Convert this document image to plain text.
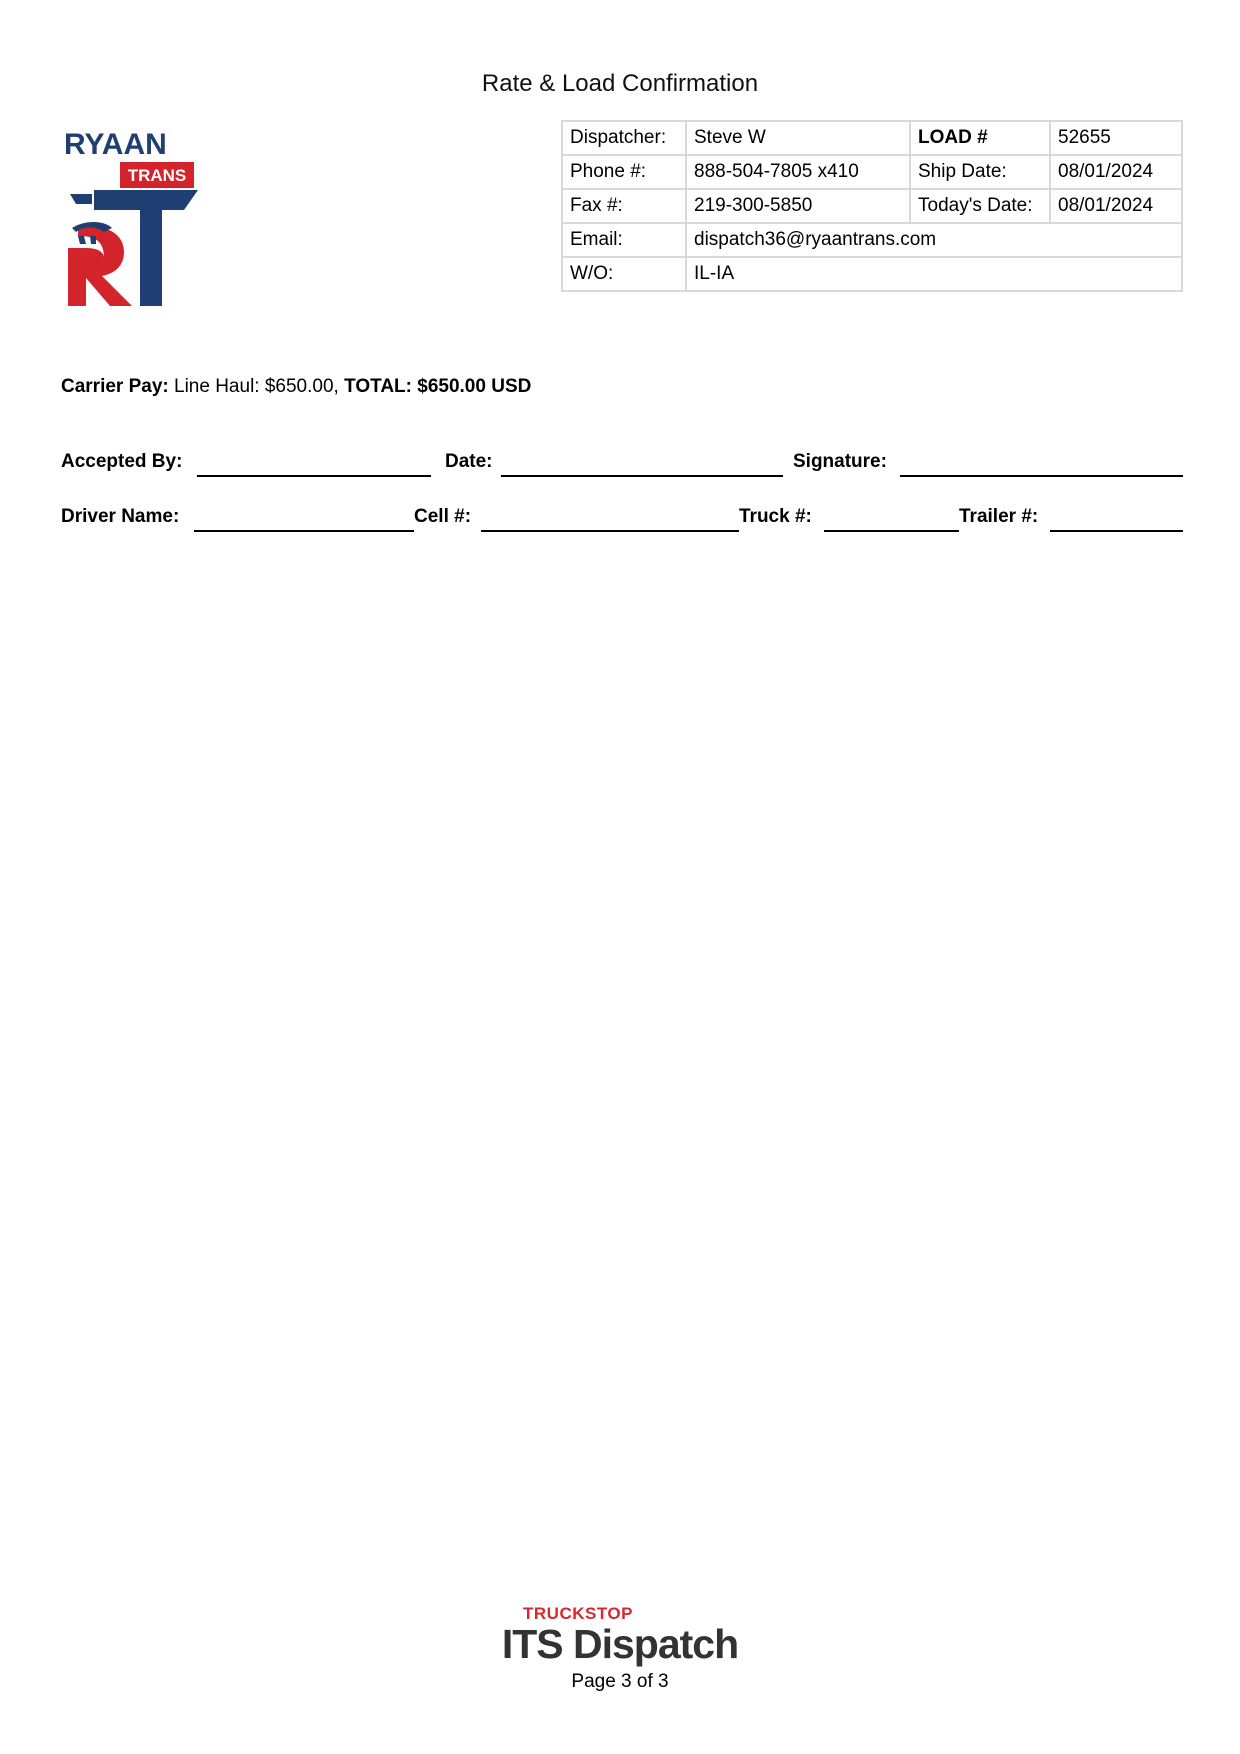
Rate & Load Confirmation
RYAAN
TRANS
Dispatcher:	Steve W	LOAD #	52655
Phone #:	888-504-7805 x410	Ship Date:	08/01/2024
Fax #:	219-300-5850	Today's Date:	08/01/2024
Email:	dispatch36@ryaantrans.com		
W/O:	IL-IA		
Carrier Pay: Line Haul: $650.00, TOTAL: $650.00 USD
Accepted By:	Date:	Signature:
Driver Name:	Cell #:	Truck #:	Trailer #:
TRUCKSTOP
ITS Dispatch
Page 3 of 3
